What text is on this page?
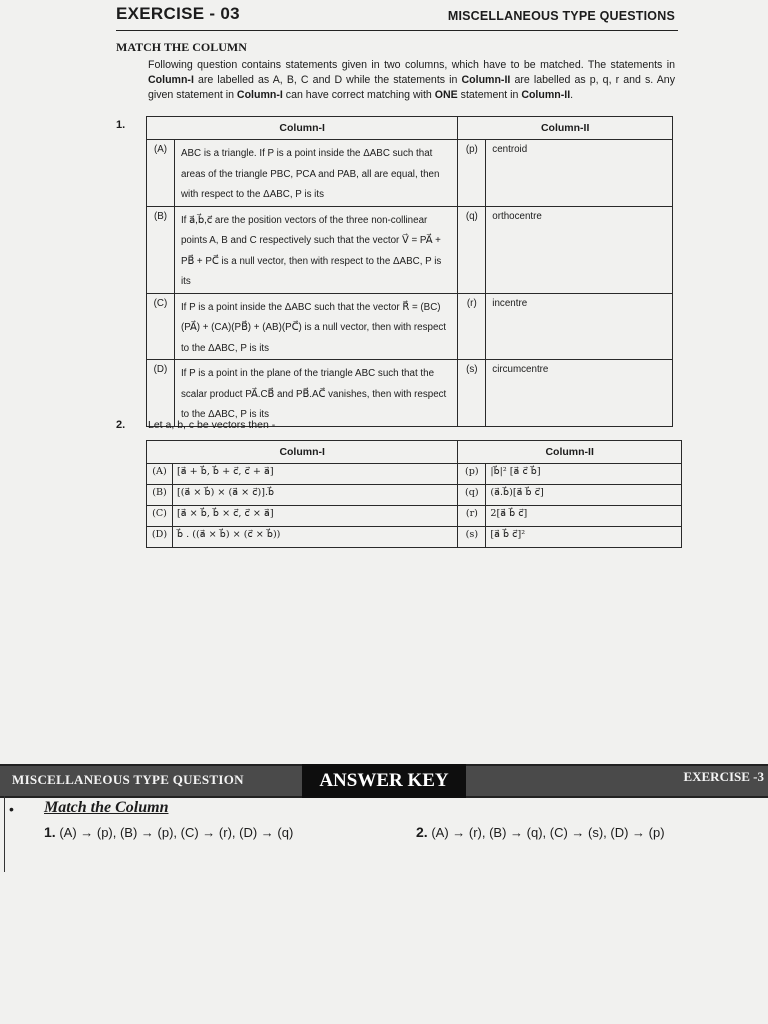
EXERCISE - 03	MISCELLANEOUS TYPE QUESTIONS
MATCH THE COLUMN
Following question contains statements given in two columns, which have to be matched. The statements in Column-I are labelled as A, B, C and D while the statements in Column-II are labelled as p, q, r and s. Any given statement in Column-I can have correct matching with ONE statement in Column-II.
1.	Column-I		Column-II	
(A)	ABC is a triangle. If P is a point inside the ΔABC such that areas of the triangle PBC, PCA and PAB, all are equal, then with respect to the ΔABC, P is its	(p)	centroid
(B)	If a⃗,b⃗,c⃗ are the position vectors of the three non-collinear points A, B and C respectively such that the vector V⃗ = PA⃗ + PB⃗ + PC⃗ is a null vector, then with respect to the ΔABC, P is its	(q)	orthocentre
(C)	If P is a point inside the ΔABC such that the vector R⃗ = (BC)(PA⃗) + (CA)(PB⃗) + (AB)(PC⃗) is a null vector, then with respect to the ΔABC, P is its	(r)	incentre
(D)	If P is a point in the plane of the triangle ABC such that the scalar product PA⃗.CB⃗ and PB⃗.AC⃗ vanishes, then with respect to the ΔABC, P is its	(s)	circumcentre
2. Let a, b, c be vectors then -
Column-I		Column-II	
(A)	[a⃗ + b⃗, b⃗ + c⃗, c⃗ + a⃗]	(p)	|b⃗|² [a⃗ c⃗ b⃗]
(B)	[(a⃗ × b⃗) × (a⃗ × c⃗)].b⃗	(q)	(a⃗.b⃗)[a⃗ b⃗ c⃗]
(C)	[a⃗ × b⃗, b⃗ × c⃗, c⃗ × a⃗]	(r)	2[a⃗ b⃗ c⃗]
(D)	b⃗ . ((a⃗ × b⃗) × (c⃗ × b⃗))	(s)	[a⃗ b⃗ c⃗]²
MISCELLANEOUS TYPE QUESTION	ANSWER KEY	EXERCISE -3
• Match the Column
1. (A) → (p), (B) → (p), (C) → (r), (D) → (q)	2. (A) → (r), (B) → (q), (C) → (s), (D) → (p)
